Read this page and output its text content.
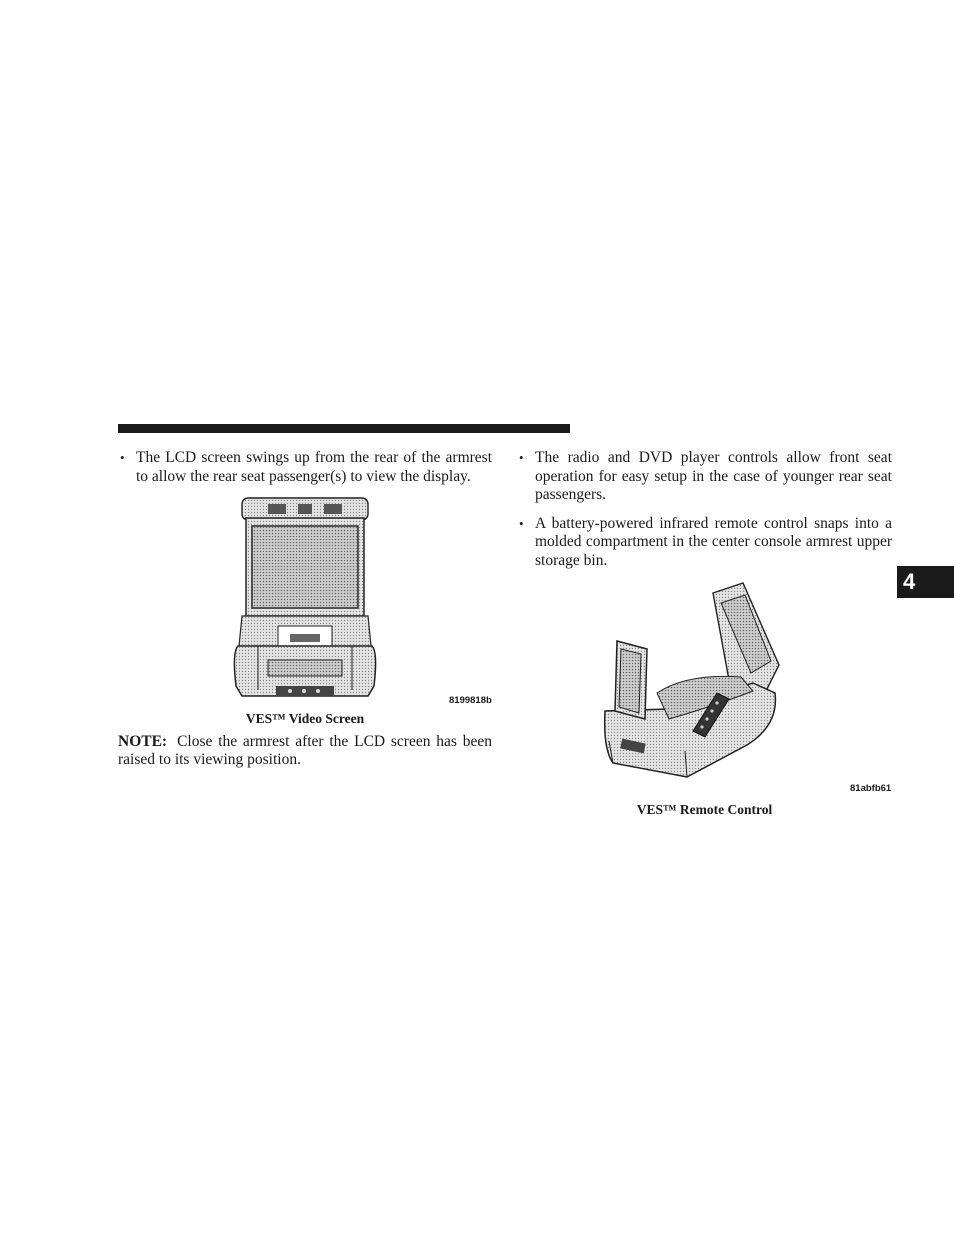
4

• The LCD screen swings up from the rear of the armrest to allow the rear seat passenger(s) to view the display.

8199818b
VES™ Video Screen

NOTE: Close the armrest after the LCD screen has been raised to its viewing position.

• The radio and DVD player controls allow front seat operation for easy setup in the case of younger rear seat passengers.

• A battery-powered infrared remote control snaps into a molded compartment in the center console armrest upper storage bin.

81abfb61
VES™ Remote Control
